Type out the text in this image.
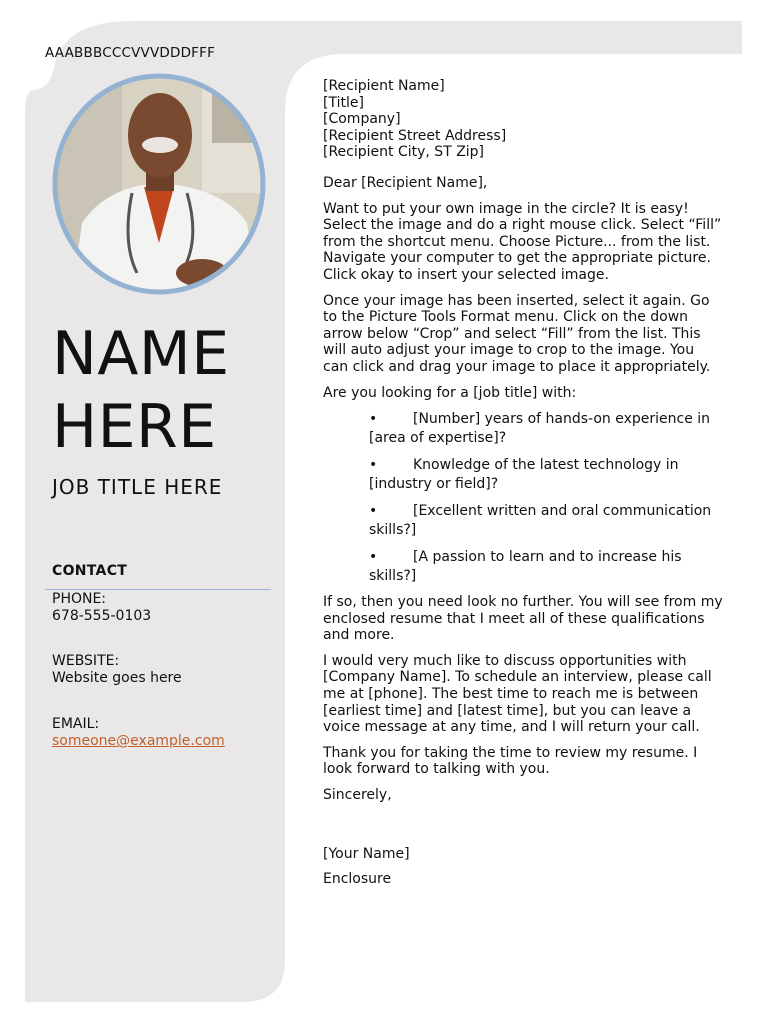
AAABBBCCCVVVDDDFFF
NAME
HERE
JOB TITLE HERE
CONTACT
PHONE:
678-555-0103
WEBSITE:
Website goes here
EMAIL:
someone@example.com

[Recipient Name]
[Title]
[Company]
[Recipient Street Address]
[Recipient City, ST Zip]

Dear [Recipient Name],

Want to put your own image in the circle? It is easy! Select the image and do a right mouse click. Select “Fill” from the shortcut menu. Choose Picture... from the list. Navigate your computer to get the appropriate picture. Click okay to insert your selected image.

Once your image has been inserted, select it again. Go to the Picture Tools Format menu. Click on the down arrow below “Crop” and select “Fill” from the list. This will auto adjust your image to crop to the image. You can click and drag your image to place it appropriately.

Are you looking for a [job title] with:

•	[Number] years of hands-on experience in [area of expertise]?
•	Knowledge of the latest technology in [industry or field]?
•	[Excellent written and oral communication skills?]
•	[A passion to learn and to increase his skills?]

If so, then you need look no further. You will see from my enclosed resume that I meet all of these qualifications and more.

I would very much like to discuss opportunities with [Company Name]. To schedule an interview, please call me at [phone]. The best time to reach me is between [earliest time] and [latest time], but you can leave a voice message at any time, and I will return your call.

Thank you for taking the time to review my resume. I look forward to talking with you.

Sincerely,

[Your Name]

Enclosure
